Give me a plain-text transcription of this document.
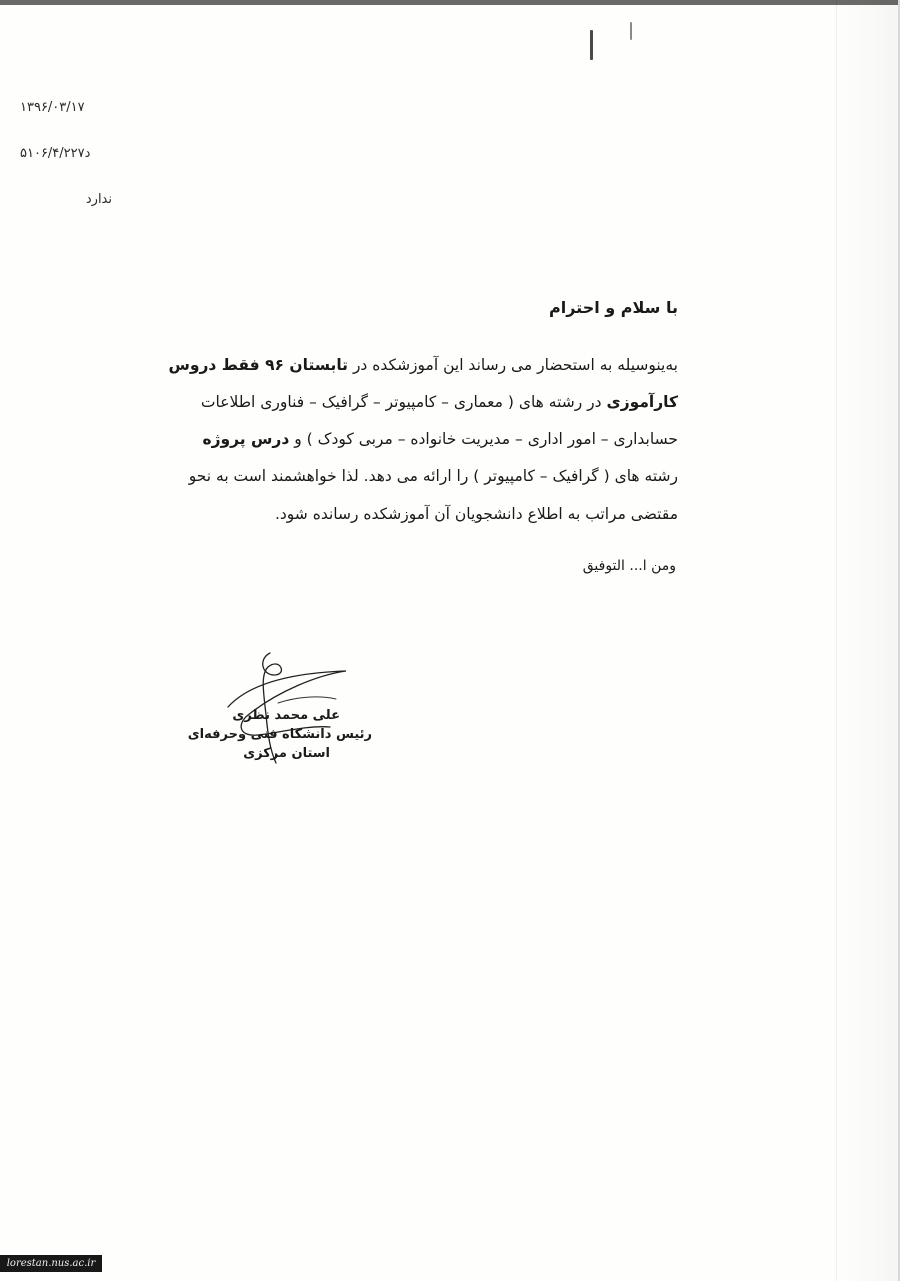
۱۳۹۶/۰۳/۱۷
۵۱۰۶/۴/۲۲۷د
ندارد
با سلام و احترام
به‌ینوسیله به استحضار می رساند این آموزشکده در تابستان ۹۶ فقط دروس
کارآموزی در رشته های ( معماری – کامپیوتر – گرافیک – فناوری اطلاعات
حسابداری – امور اداری – مدیریت خانواده – مربی کودک ) و درس پروژه
رشته های ( گرافیک – کامپیوتر ) را ارائه می دهد. لذا خواهشمند است به نحو
مقتضی مراتب به اطلاع دانشجویان آن آموزشکده رسانده شود.
ومن ا... التوفیق
علی محمد نظری
رئیس دانشکاه فنی وحرفه‌ای
استان مرکزی
lorestan.nus.ac.ir
